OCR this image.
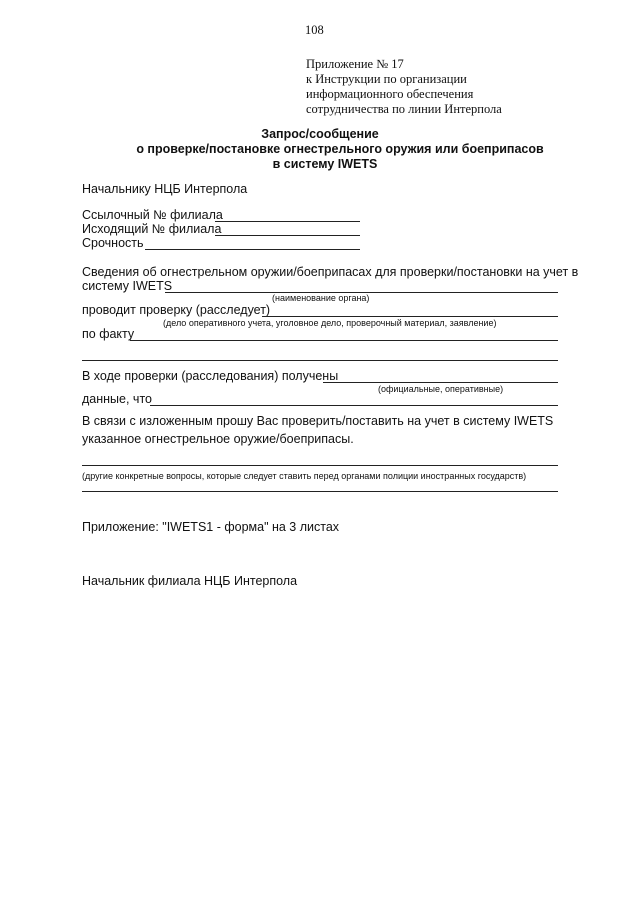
108
Приложение № 17
к Инструкции по организации
информационного обеспечения
сотрудничества по линии Интерпола
Запрос/сообщение
о проверке/постановке огнестрельного оружия или боеприпасов
в систему IWETS
Начальнику НЦБ Интерпола
Ссылочный № филиала
Исходящий № филиала
Срочность
Сведения об огнестрельном оружии/боеприпасах для проверки/постановки на учет в
систему IWETS
(наименование органа)
проводит проверку (расследует)
(дело оперативного учета, уголовное дело, проверочный материал, заявление)
по факту
В ходе проверки (расследования) получены
(официальные, оперативные)
данные, что
В связи с изложенным прошу Вас проверить/поставить на учет в систему IWETS
указанное огнестрельное оружие/боеприпасы.
(другие конкретные вопросы, которые следует ставить перед органами полиции иностранных государств)
Приложение: "IWETS1 - форма" на 3 листах
Начальник филиала НЦБ Интерпола
